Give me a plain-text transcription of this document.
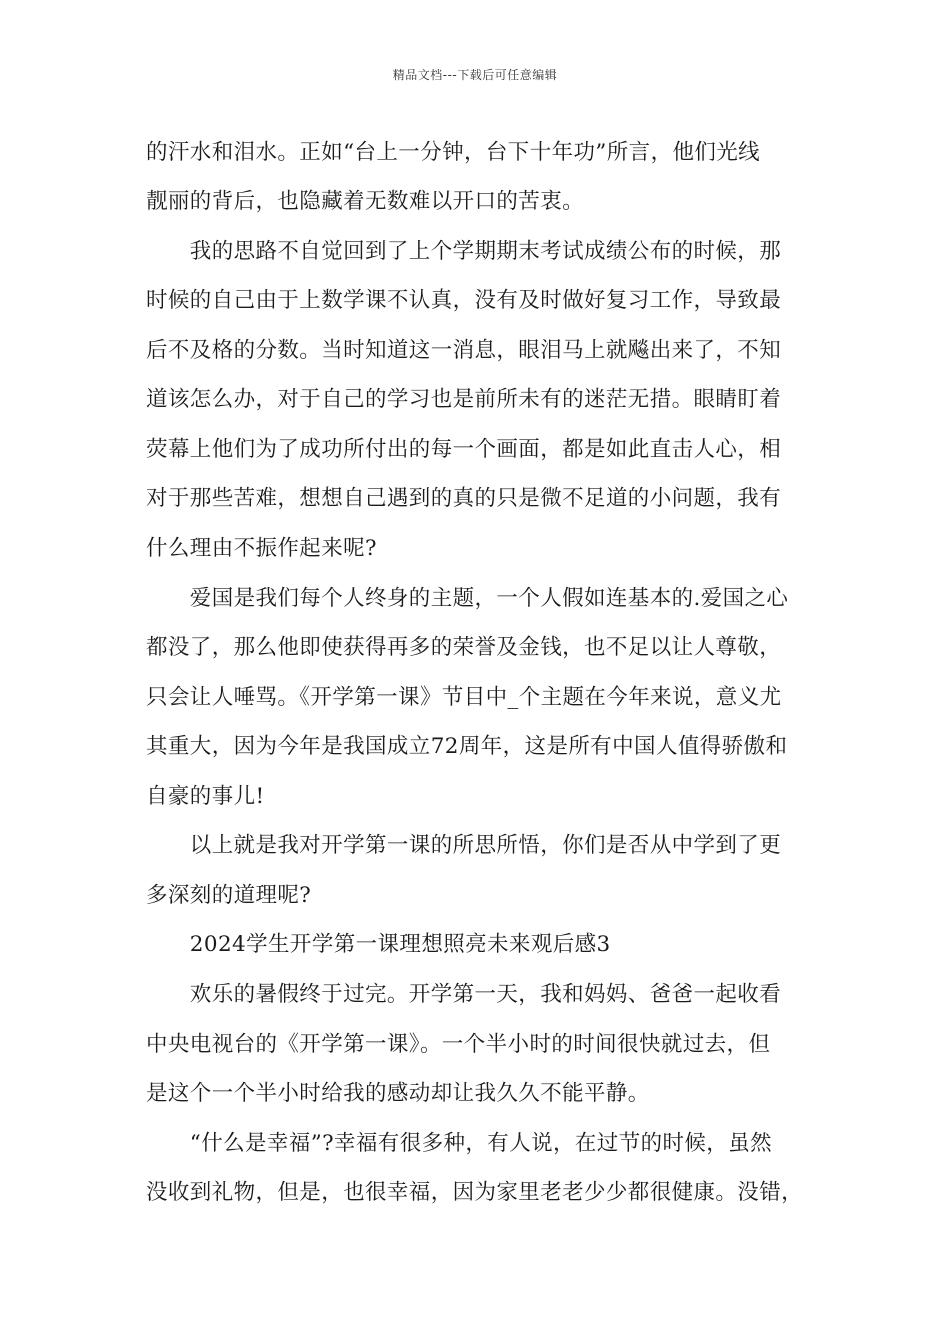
精品文档---下载后可任意编辑
的汗水和泪水。正如“台上一分钟，台下十年功”所言，他们光线
靓丽的背后，也隐藏着无数难以开口的苦衷。
　　我的思路不自觉回到了上个学期期末考试成绩公布的时候，那
时候的自己由于上数学课不认真，没有及时做好复习工作，导致最
后不及格的分数。当时知道这一消息，眼泪马上就飚出来了，不知
道该怎么办，对于自己的学习也是前所未有的迷茫无措。眼睛盯着
荧幕上他们为了成功所付出的每一个画面，都是如此直击人心，相
对于那些苦难，想想自己遇到的真的只是微不足道的小问题，我有
什么理由不振作起来呢?
　　爱国是我们每个人终身的主题，一个人假如连基本的.爱国之心
都没了，那么他即使获得再多的荣誉及金钱，也不足以让人尊敬，
只会让人唾骂。《开学第一课》节目中_个主题在今年来说，意义尤
其重大，因为今年是我国成立72周年，这是所有中国人值得骄傲和
自豪的事儿!
　　以上就是我对开学第一课的所思所悟，你们是否从中学到了更
多深刻的道理呢?
　　2024学生开学第一课理想照亮未来观后感3
　　欢乐的暑假终于过完。开学第一天，我和妈妈、爸爸一起收看
中央电视台的《开学第一课》。一个半小时的时间很快就过去，但
是这个一个半小时给我的感动却让我久久不能平静。
　　“什么是幸福”?幸福有很多种，有人说，在过节的时候，虽然
没收到礼物，但是，也很幸福，因为家里老老少少都很健康。没错，
